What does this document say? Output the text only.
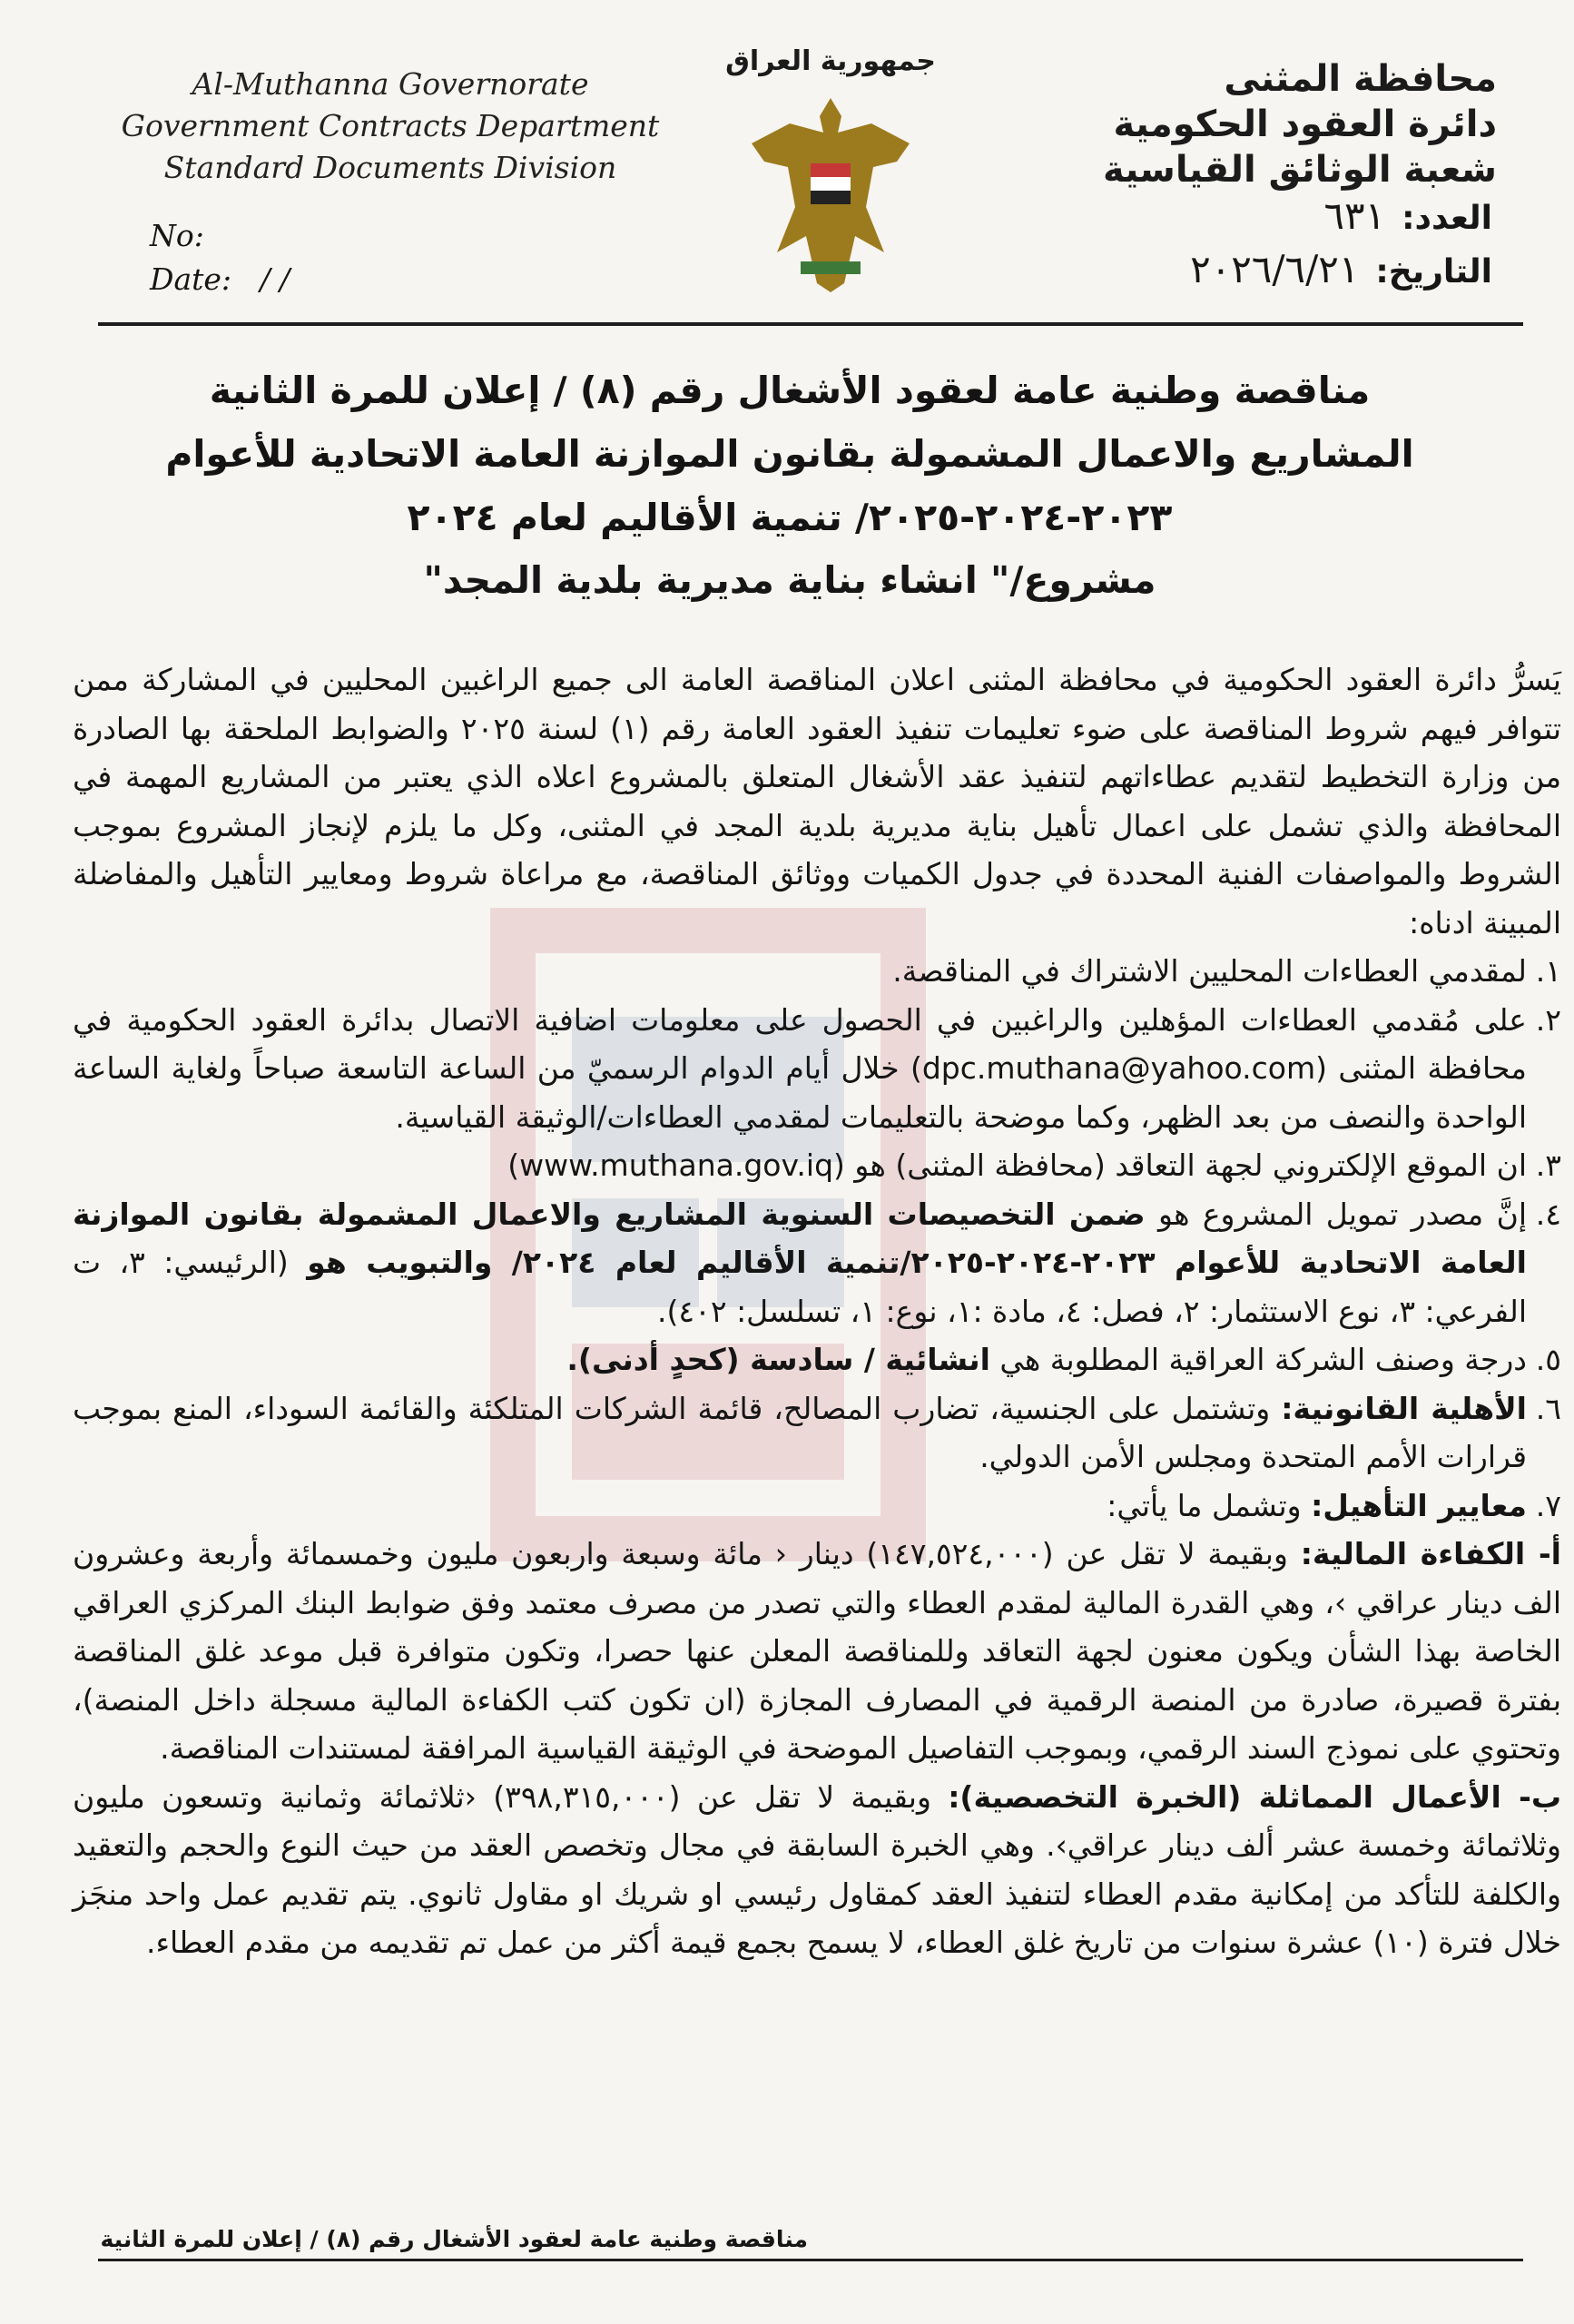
Al-Muthanna Governorate
Government Contracts Department
Standard Documents Division
جمهورية العراق	محافظة المثنى
دائرة العقود الحكومية
شعبة الوثائق القياسية
No:
Date: / /
العدد:٦٣١
التاريخ:٢٠٢٦/٦/٢١
مناقصة وطنية عامة لعقود الأشغال رقم (٨) / إعلان للمرة الثانية
المشاريع والاعمال المشمولة بقانون الموازنة العامة الاتحادية للأعوام
٢٠٢٣-٢٠٢٤-٢٠٢٥/ تنمية الأقاليم لعام ٢٠٢٤
مشروع/" انشاء بناية مديرية بلدية المجد"

يَسرُّ دائرة العقود الحكومية في محافظة المثنى اعلان المناقصة العامة الى جميع الراغبين المحليين في المشاركة ممن تتوافر فيهم شروط المناقصة على ضوء تعليمات تنفيذ العقود العامة رقم (١) لسنة ٢٠٢٥ والضوابط الملحقة بها الصادرة من وزارة التخطيط لتقديم عطاءاتهم لتنفيذ عقد الأشغال المتعلق بالمشروع اعلاه الذي يعتبر من المشاريع المهمة في المحافظة والذي تشمل على اعمال تأهيل بناية مديرية بلدية المجد في المثنى، وكل ما يلزم لإنجاز المشروع بموجب الشروط والمواصفات الفنية المحددة في جدول الكميات ووثائق المناقصة، مع مراعاة شروط ومعايير التأهيل والمفاضلة المبينة ادناه:

١.
لمقدمي العطاءات المحليين الاشتراك في المناقصة.
٢.
على مُقدمي العطاءات المؤهلين والراغبين في الحصول على معلومات اضافية الاتصال بدائرة العقود الحكومية في محافظة المثنى (dpc.muthana@yahoo.com) خلال أيام الدوام الرسميّ من الساعة التاسعة صباحاً ولغاية الساعة الواحدة والنصف من بعد الظهر، وكما موضحة بالتعليمات لمقدمي العطاءات/الوثيقة القياسية.
٣.
ان الموقع الإلكتروني لجهة التعاقد (محافظة المثنى) هو (www.muthana.gov.iq)
٤.
إنَّ مصدر تمويل المشروع هو ضمن التخصيصات السنوية المشاريع والاعمال المشمولة بقانون الموازنة العامة الاتحادية للأعوام ٢٠٢٣-٢٠٢٤-٢٠٢٥/تنمية الأقاليم لعام ٢٠٢٤/ والتبويب هو (الرئيسي: ٣، ت الفرعي: ٣، نوع الاستثمار: ٢، فصل: ٤، مادة :١، نوع: ١، تسلسل: ٤٠٢).
٥.
درجة وصنف الشركة العراقية المطلوبة هي انشائية / سادسة (كحدٍ أدنى).
٦.
الأهلية القانونية: وتشتمل على الجنسية، تضارب المصالح، قائمة الشركات المتلكئة والقائمة السوداء، المنع بموجب قرارات الأمم المتحدة ومجلس الأمن الدولي.
٧.
معايير التأهيل: وتشمل ما يأتي:

أ- الكفاءة المالية: وبقيمة لا تقل عن (١٤٧,٥٢٤,٠٠٠) دينار ‹ مائة وسبعة واربعون مليون وخمسمائة وأربعة وعشرون الف دينار عراقي ›، وهي القدرة المالية لمقدم العطاء والتي تصدر من مصرف معتمد وفق ضوابط البنك المركزي العراقي الخاصة بهذا الشأن ويكون معنون لجهة التعاقد وللمناقصة المعلن عنها حصرا، وتكون متوافرة قبل موعد غلق المناقصة بفترة قصيرة، صادرة من المنصة الرقمية في المصارف المجازة (ان تكون كتب الكفاءة المالية مسجلة داخل المنصة)، وتحتوي على نموذج السند الرقمي، وبموجب التفاصيل الموضحة في الوثيقة القياسية المرافقة لمستندات المناقصة.

ب- الأعمال المماثلة (الخبرة التخصصية): وبقيمة لا تقل عن (٣٩٨,٣١٥,٠٠٠) ‹ثلاثمائة وثمانية وتسعون مليون وثلاثمائة وخمسة عشر ألف دينار عراقي›. وهي الخبرة السابقة في مجال وتخصص العقد من حيث النوع والحجم والتعقيد والكلفة للتأكد من إمكانية مقدم العطاء لتنفيذ العقد كمقاول رئيسي او شريك او مقاول ثانوي. يتم تقديم عمل واحد منجَز خلال فترة (١٠) عشرة سنوات من تاريخ غلق العطاء، لا يسمح بجمع قيمة أكثر من عمل تم تقديمه من مقدم العطاء.

مناقصة وطنية عامة لعقود الأشغال رقم (٨) / إعلان للمرة الثانية
